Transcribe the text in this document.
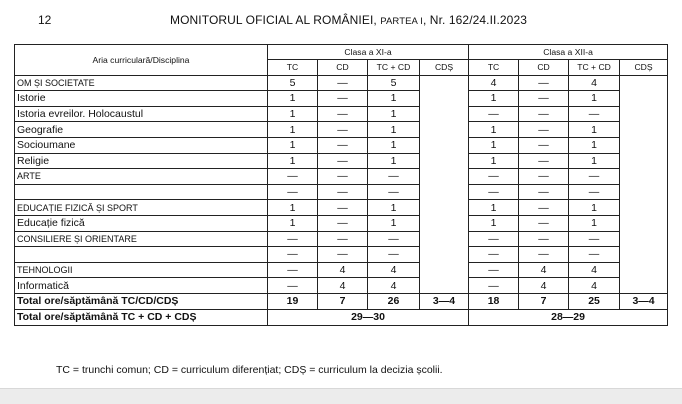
12	MONITORUL OFICIAL AL ROMÂNIEI, PARTEA I, Nr. 162/24.II.2023
Aria curriculară/Disciplina	Clasa a XI-a				Clasa a XII-a			
	TC	CD	TC + CD	CDȘ	TC	CD	TC + CD	CDȘ
OM ȘI SOCIETATE	5	—	5		4	—	4	
Istorie	1	—	1		1	—	1	
Istoria evreilor. Holocaustul	1	—	1		—	—	—	
Geografie	1	—	1		1	—	1	
Socioumane	1	—	1		1	—	1	
Religie	1	—	1		1	—	1	
ARTE	—	—	—		—	—	—	
	—	—	—		—	—	—	
EDUCAȚIE FIZICĂ ȘI SPORT	1	—	1		1	—	1	
Educație fizică	1	—	1		1	—	1	
CONSILIERE ȘI ORIENTARE	—	—	—		—	—	—	
	—	—	—		—	—	—	
TEHNOLOGII	—	4	4		—	4	4	
Informatică	—	4	4		—	4	4	
Total ore/săptămână TC/CD/CDȘ	19	7	26	3—4	18	7	25	3—4
Total ore/săptămână TC + CD + CDȘ	29—30				28—29			
TC = trunchi comun; CD = curriculum diferențiat; CDȘ = curriculum la decizia școlii.
